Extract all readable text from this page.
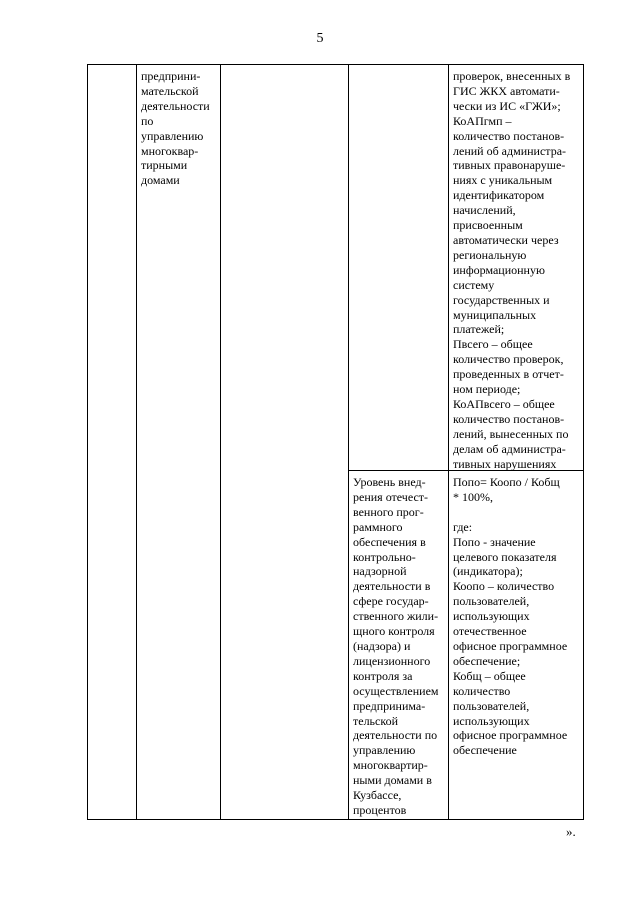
5
предприни-
мательской
деятельности
по
управлению
многоквар-
тирными
домами
проверок, внесенных в
ГИС ЖКХ автомати-
чески из ИС «ГЖИ»;
КоАПгмп –
количество постанов-
лений об администра-
тивных правонаруше-
ниях с уникальным
идентификатором
начислений,
присвоенным
автоматически через
региональную
информационную
систему
государственных и
муниципальных
платежей;
Пвсего – общее
количество проверок,
проведенных в отчет-
ном периоде;
КоАПвсего – общее
количество постанов-
лений, вынесенных по
делам об администра-
тивных нарушениях
Уровень внед-
рения отечест-
венного прог-
раммного
обеспечения в
контрольно-
надзорной
деятельности в
сфере государ-
ственного жили-
щного контроля
(надзора) и
лицензионного
контроля за
осуществлением
предпринима-
тельской
деятельности по
управлению
многоквартир-
ными домами в
Кузбассе,
процентов
Попо= Коопо / Кобщ
* 100%,

где:
Попо - значение
целевого показателя
(индикатора);
Коопо – количество
пользователей,
использующих
отечественное
офисное программное
обеспечение;
Кобщ – общее
количество
пользователей,
использующих
офисное программное
обеспечение
».
